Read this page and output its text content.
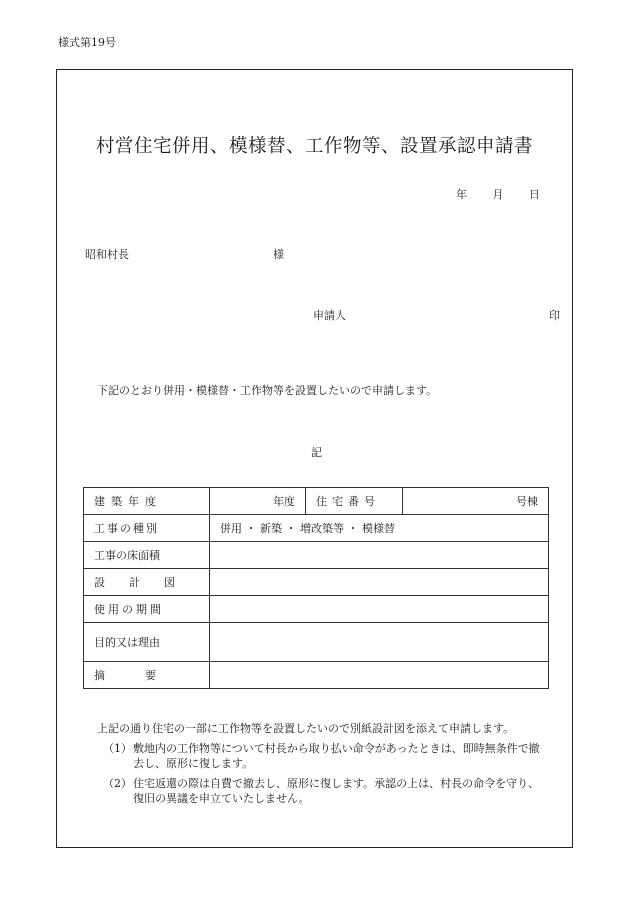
様式第19号
村営住宅併用、模様替、工作物等、設置承認申請書
年 月 日
昭和村長	様
申請人	印
下記のとおり併用・模様替・工作物等を設置したいので申請します。
記
建築年度	年度	住宅番号	号棟
工事の種別	併用 ・ 新築 ・ 増改築等 ・ 模様替		
工事の床面積			
設計図			
使用の期間			
目的又は理由			
摘要			

上記の通り住宅の一部に工作物等を設置したいので別紙設計図を添えて申請します。

（1） 敷地内の工作物等について村長から取り払い命令があったときは、即時無条件で撤去し、原形に復します。
（2） 住宅返還の際は自費で撤去し、原形に復します。承認の上は、村長の命令を守り、復旧の異議を申立ていたしません。
